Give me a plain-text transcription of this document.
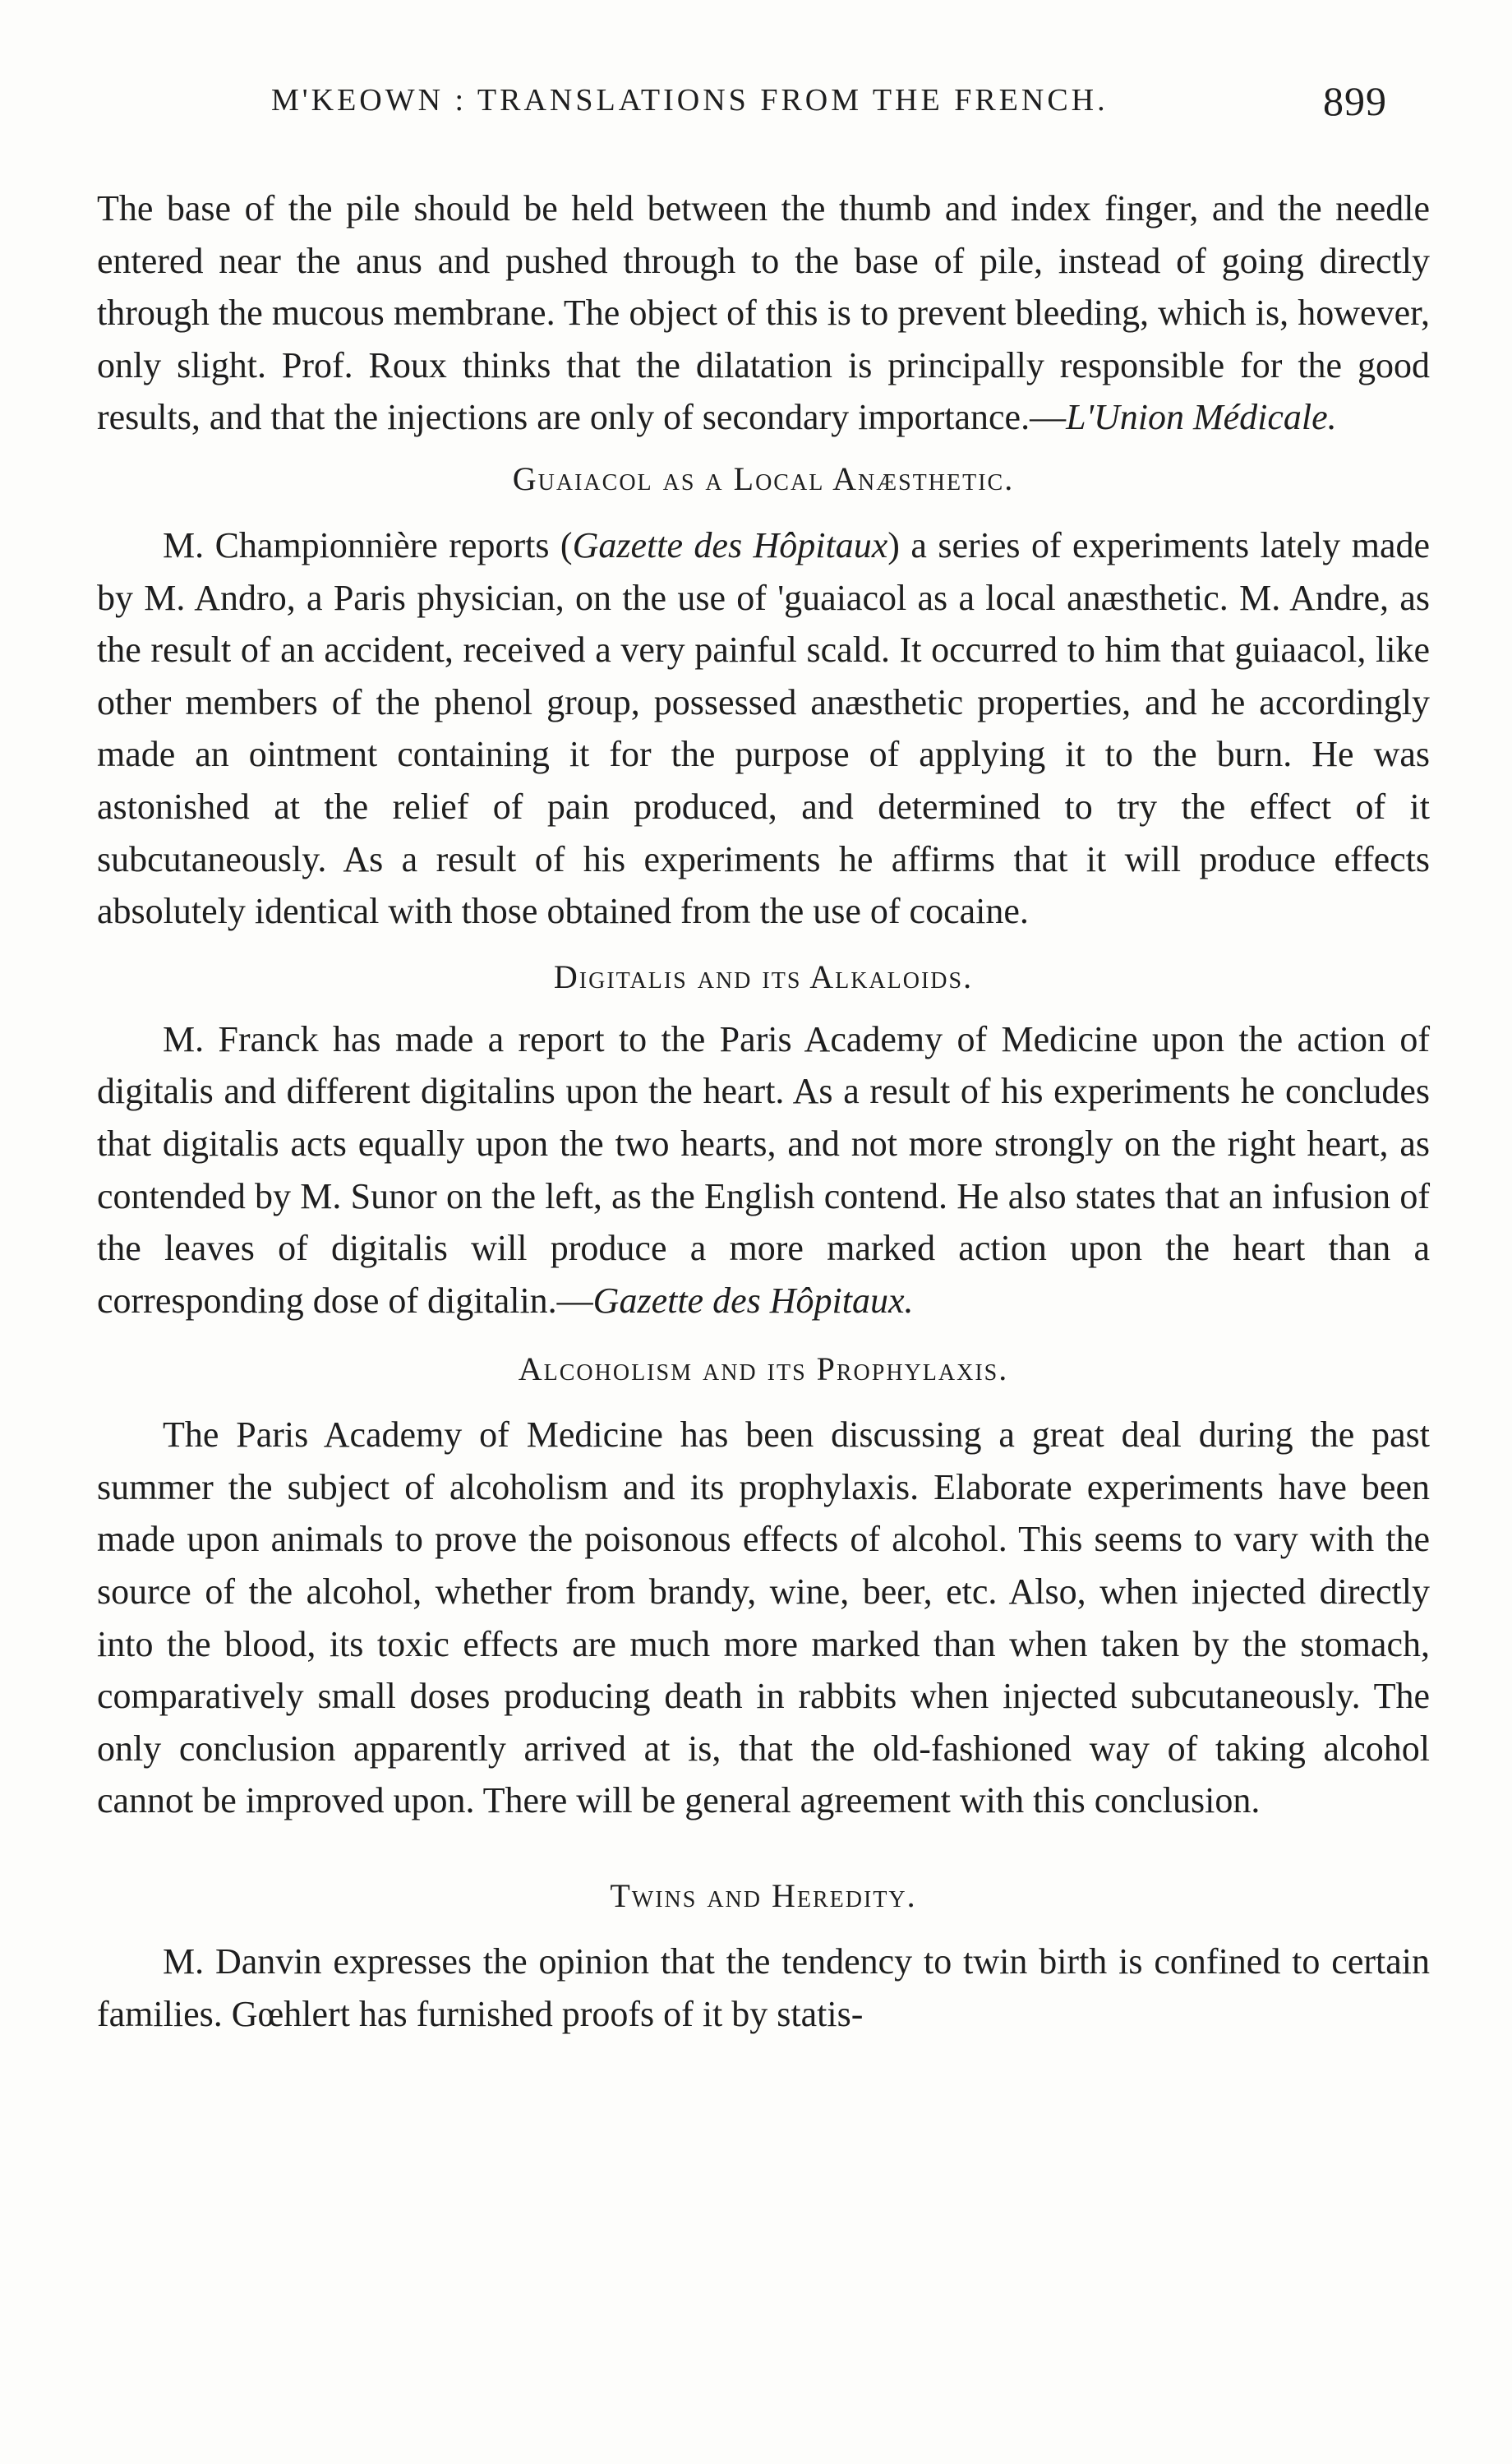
M'KEOWN : TRANSLATIONS FROM THE FRENCH.	899

The base of the pile should be held between the thumb and index finger, and the needle entered near the anus and pushed through to the base of pile, instead of going directly through the mucous membrane. The object of this is to prevent bleeding, which is, however, only slight. Prof. Roux thinks that the dilatation is principally responsible for the good results, and that the injections are only of secondary importance.—L'Union Médicale.

Guaiacol as a Local Anæsthetic.

M. Championnière reports (Gazette des Hôpitaux) a series of experiments lately made by M. Andro, a Paris physician, on the use of 'guaiacol as a local anæsthetic. M. Andre, as the result of an accident, received a very painful scald. It occurred to him that guiaacol, like other members of the phenol group, possessed anæsthetic properties, and he accordingly made an ointment containing it for the purpose of applying it to the burn. He was astonished at the relief of pain produced, and determined to try the effect of it subcutaneously. As a result of his experiments he affirms that it will produce effects absolutely identical with those obtained from the use of cocaine.

Digitalis and its Alkaloids.

M. Franck has made a report to the Paris Academy of Medicine upon the action of digitalis and different digitalins upon the heart. As a result of his experiments he concludes that digitalis acts equally upon the two hearts, and not more strongly on the right heart, as contended by M. Sunor on the left, as the English contend. He also states that an infusion of the leaves of digitalis will produce a more marked action upon the heart than a corresponding dose of digitalin.—Gazette des Hôpitaux.

Alcoholism and its Prophylaxis.

The Paris Academy of Medicine has been discussing a great deal during the past summer the subject of alcoholism and its prophylaxis. Elaborate experiments have been made upon animals to prove the poisonous effects of alcohol. This seems to vary with the source of the alcohol, whether from brandy, wine, beer, etc. Also, when injected directly into the blood, its toxic effects are much more marked than when taken by the stomach, comparatively small doses producing death in rabbits when injected subcutaneously. The only conclusion apparently arrived at is, that the old-fashioned way of taking alcohol cannot be improved upon. There will be general agreement with this conclusion.

Twins and Heredity.

M. Danvin expresses the opinion that the tendency to twin birth is confined to certain families. Gœhlert has furnished proofs of it by statis-
